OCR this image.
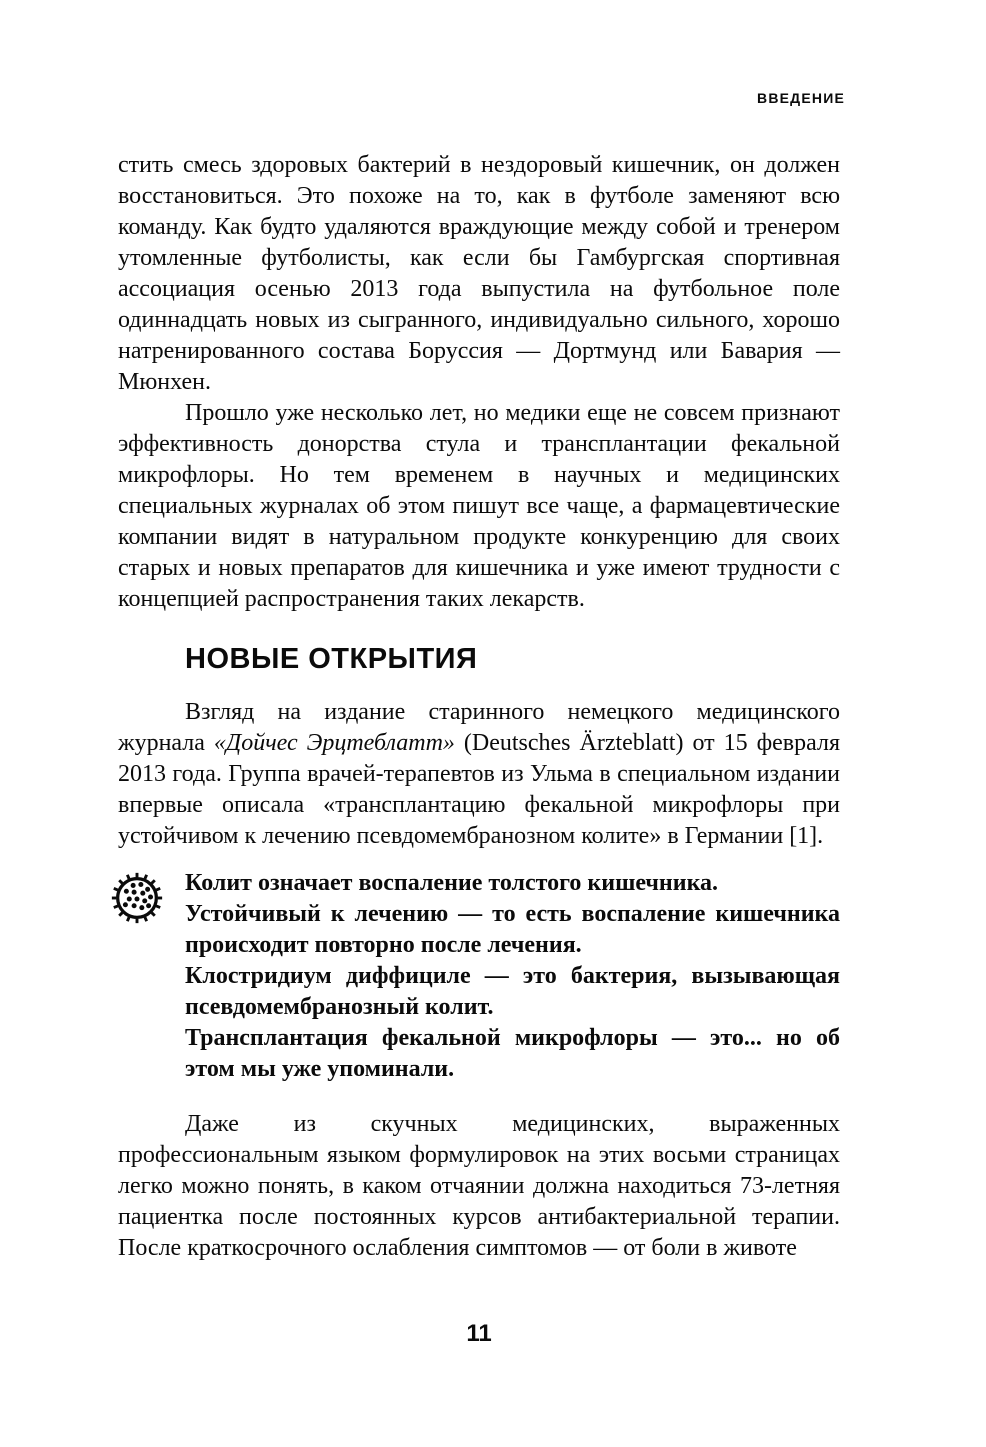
ВВЕДЕНИЕ

стить смесь здоровых бактерий в нездоровый кишечник, он должен восстановиться. Это похоже на то, как в футболе заменяют всю команду. Как будто удаляются враждующие между собой и тренером утомленные футболисты, как если бы Гамбургская спортивная ассоциация осенью 2013 года выпустила на футбольное поле одиннадцать новых из сыгранного, индивидуально сильного, хорошо натренированного состава Боруссия — Дортмунд или Бавария — Мюнхен.

Прошло уже несколько лет, но медики еще не совсем признают эффективность донорства стула и трансплантации фекальной микрофлоры. Но тем временем в научных и медицинских специальных журналах об этом пишут все чаще, а фармацевтические компании видят в натуральном продукте конкуренцию для своих старых и новых препаратов для кишечника и уже имеют трудности с концепцией распространения таких лекарств.

НОВЫЕ ОТКРЫТИЯ

Взгляд на издание старинного немецкого медицинского журнала «Дойчес Эрцтеблатт» (Deutsches Ärzteblatt) от 15 февраля 2013 года. Группа врачей-терапевтов из Ульма в специальном издании впервые описала «трансплантацию фекальной микрофлоры при устойчивом к лечению псевдомембранозном колите» в Германии [1].

Колит означает воспаление толстого кишечника.

Устойчивый к лечению — то есть воспаление кишечника происходит повторно после лечения.

Клостридиум диффициле — это бактерия, вызывающая псевдомембранозный колит.

Трансплантация фекальной микрофлоры — это... но об этом мы уже упоминали.

Даже из скучных медицинских, выраженных профессиональным языком формулировок на этих восьми страницах легко можно понять, в каком отчаянии должна находиться 73-летняя пациентка после постоянных курсов антибактериальной терапии. После краткосрочного ослабления симптомов — от боли в животе

11
